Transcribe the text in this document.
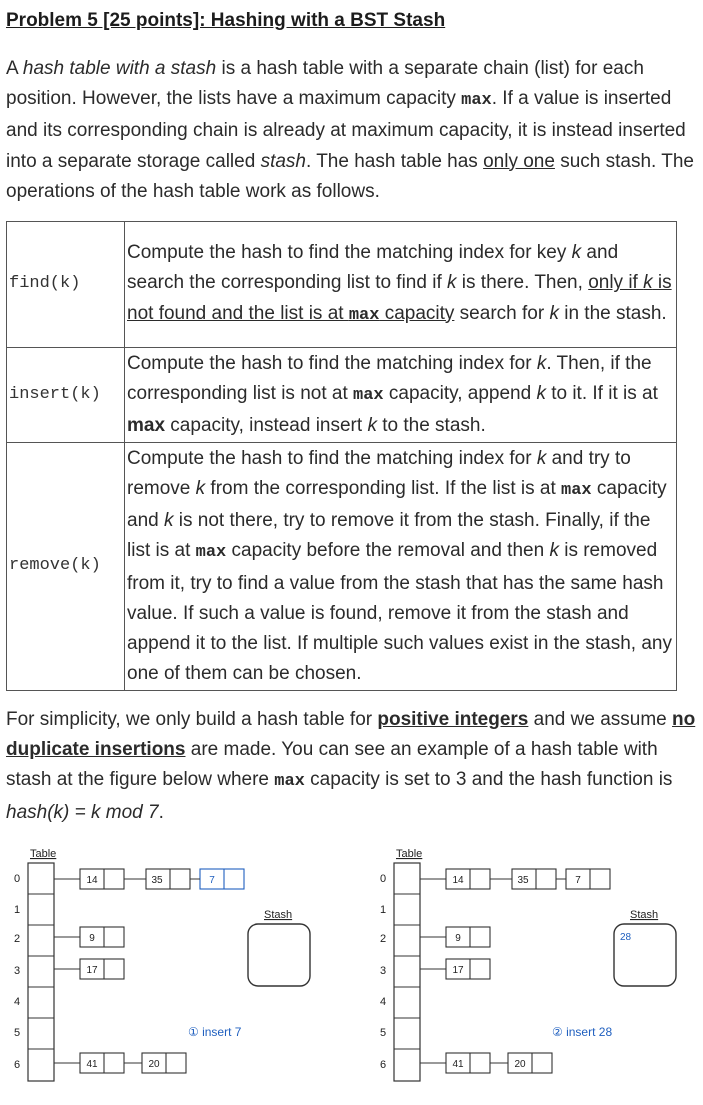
Problem 5 [25 points]: Hashing with a BST Stash

A hash table with a stash is a hash table with a separate chain (list) for each position. However, the lists have a maximum capacity max. If a value is inserted and its corresponding chain is already at maximum capacity, it is instead inserted into a separate storage called stash. The hash table has only one such stash. The operations of the hash table work as follows.

find(k)	Compute the hash to find the matching index for key k and search the corresponding list to find if k is there. Then, only if k is not found and the list is at max capacity search for k in the stash.
insert(k)	Compute the hash to find the matching index for k. Then, if the corresponding list is not at max capacity, append k to it. If it is at max capacity, instead insert k to the stash.
remove(k)	Compute the hash to find the matching index for k and try to remove k from the corresponding list. If the list is at max capacity and k is not there, try to remove it from the stash. Finally, if the list is at max capacity before the removal and then k is removed from it, try to find a value from the stash that has the same hash value. If such a value is found, remove it from the stash and append it to the list. If multiple such values exist in the stash, any one of them can be chosen.

For simplicity, we only build a hash table for positive integers and we assume no duplicate insertions are made. You can see an example of a hash table with stash at the figure below where max capacity is set to 3 and the hash function is hash(k) = k mod 7.

Table
0
1
2
3
4
5
6
14	35	7
9
17
41	20
Stash
① insert 7
Table
0
1
2
3
4
5
6
14	35	7
9
17
41	20
Stash
28
② insert 28
